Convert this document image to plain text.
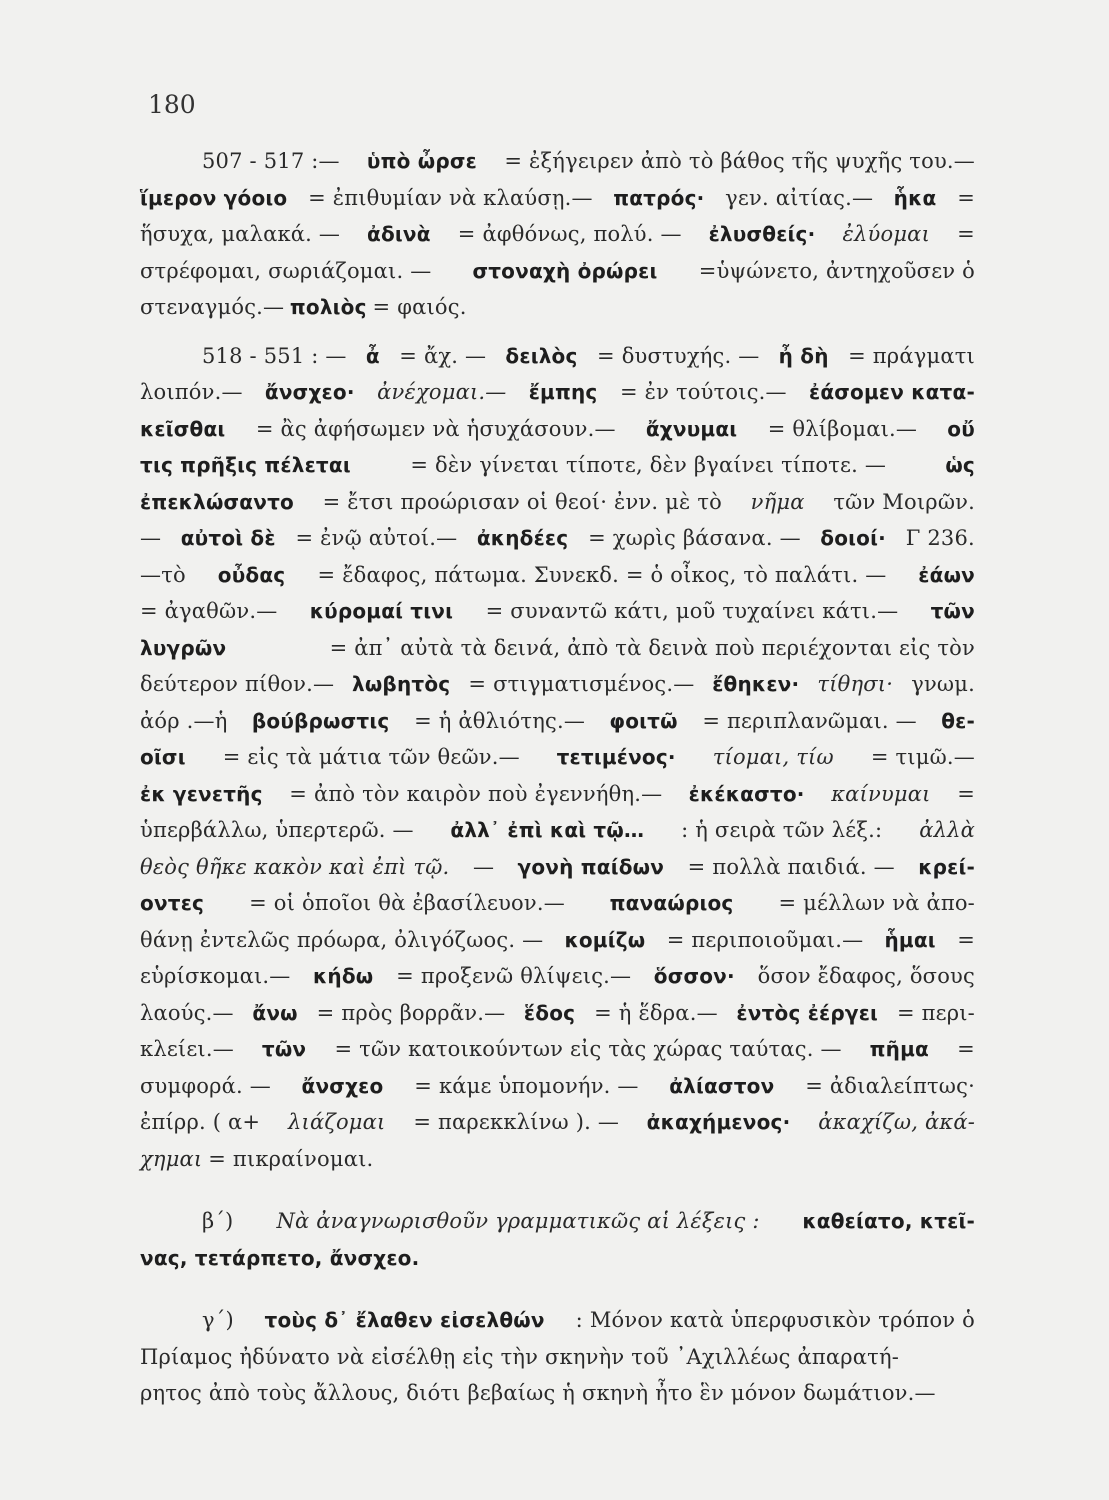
180
507 - 517 :— ὑπὸ ὦρσε = ἐξήγειρεν ἀπὸ τὸ βάθος τῆς ψυχῆς του.—
ἵμερον γόοιο = ἐπιθυμίαν νὰ κλαύσῃ.— πατρός· γεν. αἰτίας.— ἧκα =
ἥσυχα, μαλακά. — ἀδινὰ = ἀφθόνως, πολύ. — ἐλυσθείς· ἐλύομαι =
στρέφομαι, σωριάζομαι. — στοναχὴ ὀρώρει =ὑψώνετο, ἀντηχοῦσεν ὁ
στεναγμός.— πολιὸς = φαιός.
518 - 551 : — ἆ = ἄχ. — δειλὸς = δυστυχής. — ἦ δὴ = πράγματι
λοιπόν.— ἄνσχεο· ἀνέχομαι.— ἔμπης = ἐν τούτοις.— ἐάσομεν κατα-
κεῖσθαι = ἂς ἀφήσωμεν νὰ ἡσυχάσουν.— ἄχνυμαι = θλίβομαι.— οὔ
τις πρῆξις πέλεται	= δὲν γίνεται τίποτε, δὲν βγαίνει τίποτε. —	ὡς
ἐπεκλώσαντο = ἔτσι προώρισαν οἱ θεοί· ἐνν. μὲ τὸ νῆμα τῶν Μοιρῶν.
— αὐτοὶ δὲ = ἐνῷ αὐτοί.— ἀκηδέες = χωρὶς βάσανα. — δοιοί· Γ 236.
—τὸ οὖδας = ἔδαφος, πάτωμα. Συνεκδ. = ὁ οἶκος, τὸ παλάτι. — ἐάων
= ἀγαθῶν.— κύρομαί τινι = συναντῶ κάτι, μοῦ τυχαίνει κάτι.— τῶν
λυγρῶν	= ἀπ᾽ αὐτὰ τὰ δεινά, ἀπὸ τὰ δεινὰ ποὺ περιέχονται εἰς τὸν
δεύτερον πίθον.— λωβητὸς = στιγματισμένος.— ἔθηκεν· τίθησι· γνωμ.
ἀόρ .—ἡ βούβρωστις = ἡ ἀθλιότης.— φοιτῶ = περιπλανῶμαι. — θε-
οῖσι = εἰς τὰ μάτια τῶν θεῶν.— τετιμένος· τίομαι, τίω = τιμῶ.—
ἐκ γενετῆς = ἀπὸ τὸν καιρὸν ποὺ ἐγεννήθη.— ἐκέκαστο· καίνυμαι =
ὑπερβάλλω, ὑπερτερῶ. — ἀλλ᾽ ἐπὶ καὶ τῷ… : ἡ σειρὰ τῶν λέξ.: ἀλλὰ
θεὸς θῆκε κακὸν καὶ ἐπὶ τῷ. — γονὴ παίδων = πολλὰ παιδιά. — κρεί-
οντες = οἱ ὁποῖοι θὰ ἐβασίλευον.— παναώριος = μέλλων νὰ ἀπο-
θάνῃ ἐντελῶς πρόωρα, ὀλιγόζωος. — κομίζω = περιποιοῦμαι.— ἧμαι =
εὑρίσκομαι.— κήδω = προξενῶ θλίψεις.— ὅσσον· ὅσον ἔδαφος, ὅσους
λαούς.— ἄνω = πρὸς βορρᾶν.— ἕδος = ἡ ἕδρα.— ἐντὸς ἐέργει = περι-
κλείει.— τῶν = τῶν κατοικούντων εἰς τὰς χώρας ταύτας. — πῆμα =
συμφορά. — ἄνσχεο = κάμε ὑπομονήν. — ἀλίαστον = ἀδιαλείπτως·
ἐπίρρ. ( α+ λιάζομαι = παρεκκλίνω ). — ἀκαχήμενος· ἀκαχίζω, ἀκά-
χημαι = πικραίνομαι.
β΄) Νὰ ἀναγνωρισθοῦν γραμματικῶς αἱ λέξεις : καθείατο, κτεῖ-
νας, τετάρπετο, ἄνσχεο.
γ΄) τοὺς δ᾽ ἔλαθεν εἰσελθών : Μόνον κατὰ ὑπερφυσικὸν τρόπον ὁ
Πρίαμος ἠδύνατο νὰ εἰσέλθῃ εἰς τὴν σκηνὴν τοῦ ᾿Αχιλλέως ἀπαρατή-
ρητος ἀπὸ τοὺς ἄλλους, διότι βεβαίως ἡ σκηνὴ ἦτο ἓν μόνον δωμάτιον.—
